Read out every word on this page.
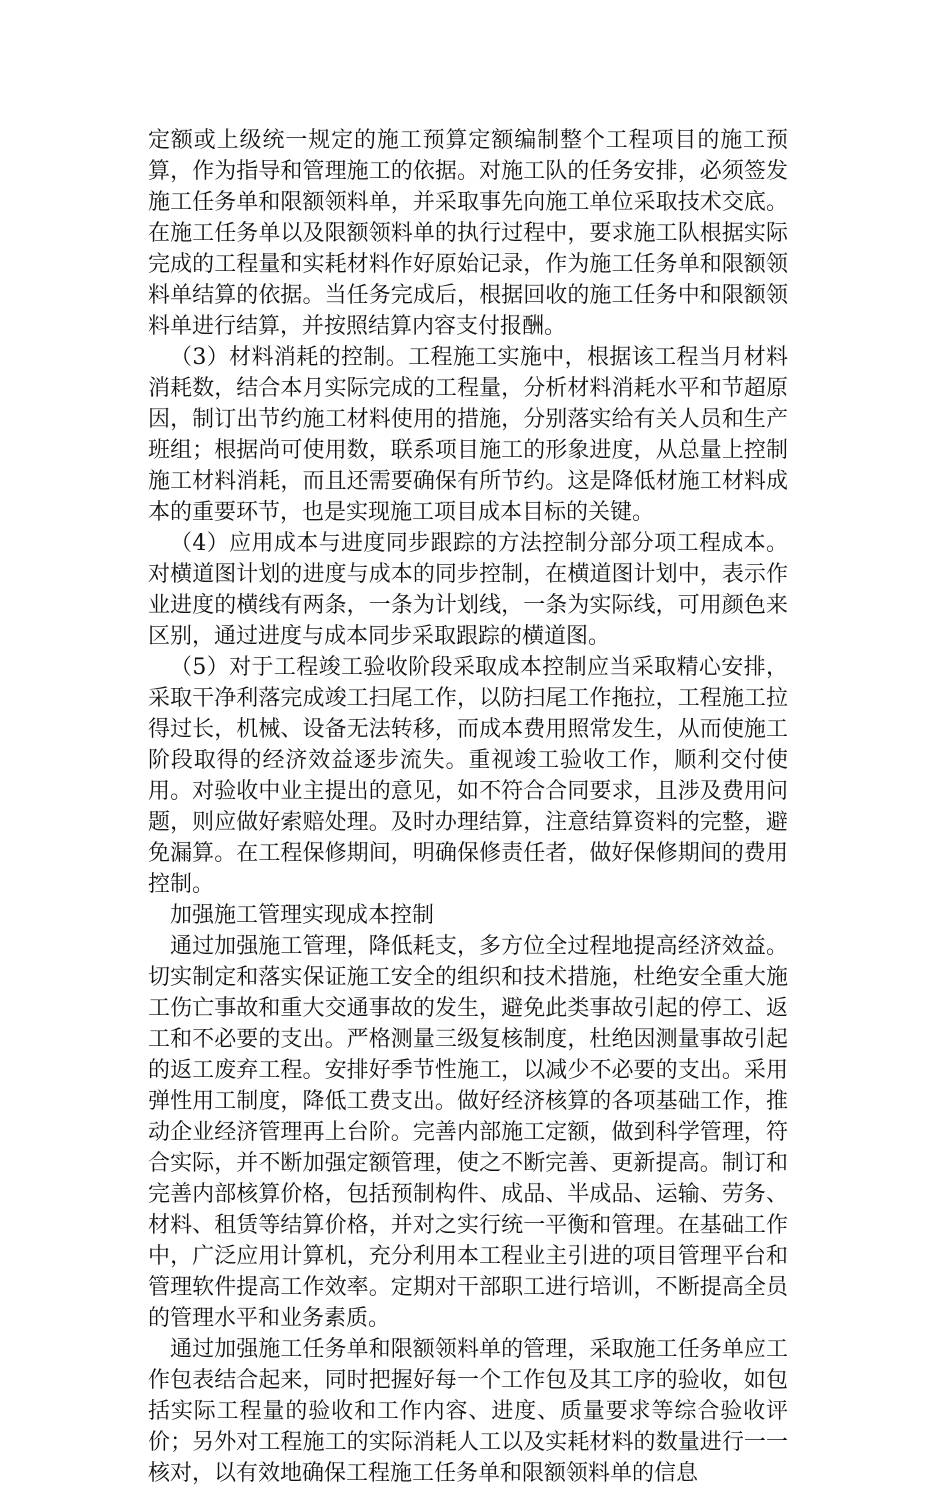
定额或上级统一规定的施工预算定额编制整个工程项目的施工预算，作为指导和管理施工的依据。对施工队的任务安排，必须签发施工任务单和限额领料单，并采取事先向施工单位采取技术交底。在施工任务单以及限额领料单的执行过程中，要求施工队根据实际完成的工程量和实耗材料作好原始记录，作为施工任务单和限额领料单结算的依据。当任务完成后，根据回收的施工任务中和限额领料单进行结算，并按照结算内容支付报酬。

（3）材料消耗的控制。工程施工实施中，根据该工程当月材料消耗数，结合本月实际完成的工程量，分析材料消耗水平和节超原因，制订出节约施工材料使用的措施，分别落实给有关人员和生产班组；根据尚可使用数，联系项目施工的形象进度，从总量上控制施工材料消耗，而且还需要确保有所节约。这是降低材施工材料成本的重要环节，也是实现施工项目成本目标的关键。

（4）应用成本与进度同步跟踪的方法控制分部分项工程成本。对横道图计划的进度与成本的同步控制，在横道图计划中，表示作业进度的横线有两条，一条为计划线，一条为实际线，可用颜色来区别，通过进度与成本同步采取跟踪的横道图。

（5）对于工程竣工验收阶段采取成本控制应当采取精心安排，采取干净利落完成竣工扫尾工作，以防扫尾工作拖拉，工程施工拉得过长，机械、设备无法转移，而成本费用照常发生，从而使施工阶段取得的经济效益逐步流失。重视竣工验收工作，顺利交付使用。对验收中业主提出的意见，如不符合合同要求，且涉及费用问题，则应做好索赔处理。及时办理结算，注意结算资料的完整，避免漏算。在工程保修期间，明确保修责任者，做好保修期间的费用控制。

加强施工管理实现成本控制

通过加强施工管理，降低耗支，多方位全过程地提高经济效益。切实制定和落实保证施工安全的组织和技术措施，杜绝安全重大施工伤亡事故和重大交通事故的发生，避免此类事故引起的停工、返工和不必要的支出。严格测量三级复核制度，杜绝因测量事故引起的返工废弃工程。安排好季节性施工，以减少不必要的支出。采用弹性用工制度，降低工费支出。做好经济核算的各项基础工作，推动企业经济管理再上台阶。完善内部施工定额，做到科学管理，符合实际，并不断加强定额管理，使之不断完善、更新提高。制订和完善内部核算价格，包括预制构件、成品、半成品、运输、劳务、材料、租赁等结算价格，并对之实行统一平衡和管理。在基础工作中，广泛应用计算机，充分利用本工程业主引进的项目管理平台和管理软件提高工作效率。定期对干部职工进行培训，不断提高全员的管理水平和业务素质。

通过加强施工任务单和限额领料单的管理，采取施工任务单应工作包表结合起来，同时把握好每一个工作包及其工序的验收，如包括实际工程量的验收和工作内容、进度、质量要求等综合验收评价；另外对工程施工的实际消耗人工以及实耗材料的数量进行一一核对，以有效地确保工程施工任务单和限额领料单的信息
